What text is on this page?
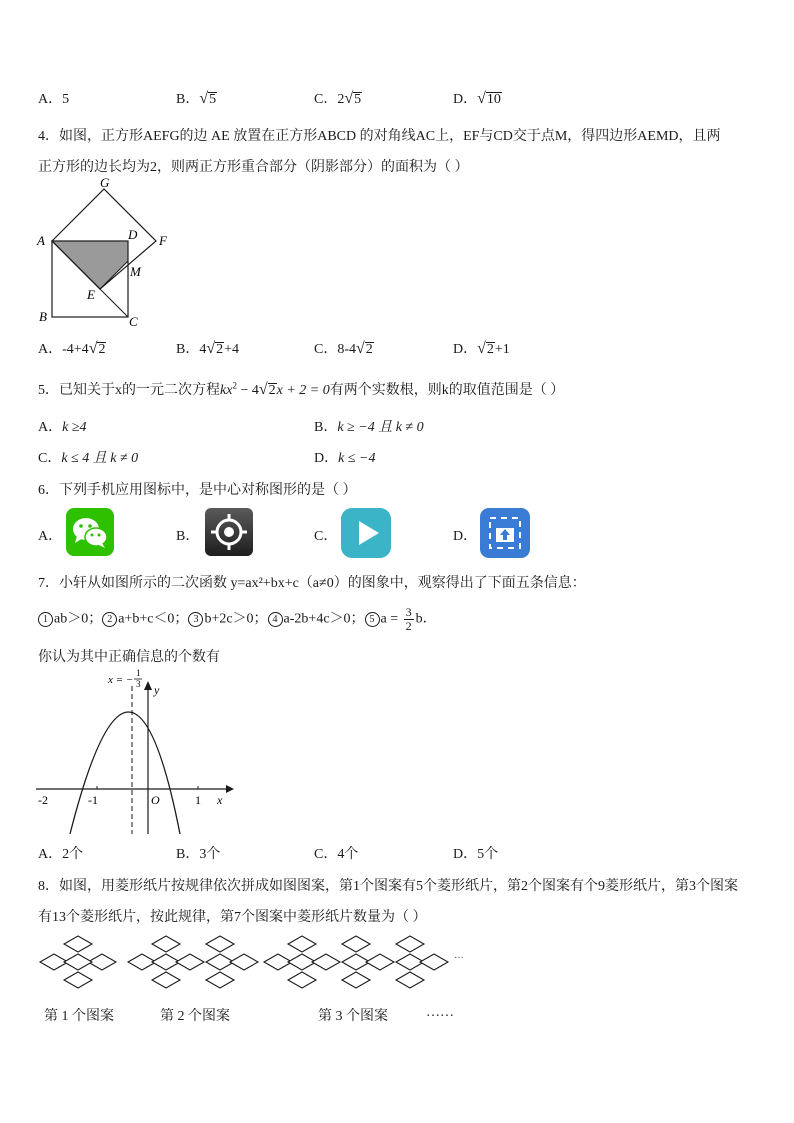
A．5	B．√5	C．2√5	D．√10
4．如图，正方形AEFG的边 AE 放置在正方形ABCD 的对角线AC上，EF与CD交于点M，得四边形AEMD，且两
正方形的边长均为2，则两正方形重合部分（阴影部分）的面积为（ ）
A
G
D F
M
E
B	C
A．-4+4√2	B．4√2+4	C．8-4√2	D．√2+1
5．已知关于x的一元二次方程$kx^2 - 4√2x + 2 = 0$有两个实数根，则k的取值范围是（ ）
A．k ≥4	B．k ≥ −4 且 k ≠ 0
C．k ≤ 4 且 k ≠ 0	D．k ≤ −4
6．下列手机应用图标中，是中心对称图形的是（ ）
A．	B．	C．	D．
7．小轩从如图所示的二次函数 y=ax²+bx+c（a≠0）的图象中，观察得出了下面五条信息：
1 ab＞0； 2 a+b+c＜0； 3 b+2c＞0； 4 a-2b+4c＞0； 5 $a = \frac{3}{2}$ b．
你认为其中正确信息的个数有
-2	-1	1
O	x
y
x = −
1
3
A．2个	B．3个	C．4个	D．5个
8．如图，用菱形纸片按规律依次拼成如图图案，第1个图案有5个菱形纸片，第2个图案有个9菱形纸片，第3个图案
有13个菱形纸片，按此规律，第7个图案中菱形纸片数量为（ ）
···
第 1 个图案	第 2 个图案	第 3 个图案	……
